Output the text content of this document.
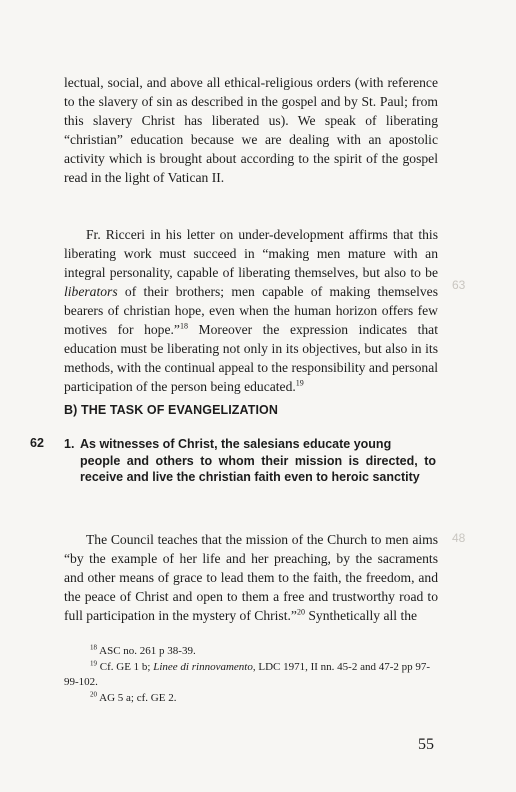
lectual, social, and above all ethical-religious orders (with reference to the slavery of sin as described in the gospel and by St. Paul; from this slavery Christ has liberated us). We speak of liberating “christian” education because we are dealing with an apostolic activity which is brought about according to the spirit of the gospel read in the light of Vatican II.

Fr. Ricceri in his letter on under-development affirms that this liberating work must succeed in “making men mature with an integral personality, capable of liberating themselves, but also to be liberators of their brothers; men capable of making themselves bearers of christian hope, even when the human horizon offers few motives for hope.”$^{18}$ Moreover the expression indicates that education must be liberating not only in its objectives, but also in its methods, with the continual appeal to the responsibility and personal participation of the person being educated.$^{19}$

B) THE TASK OF EVANGELIZATION

62 1. As witnesses of Christ, the salesians educate young
people and others to whom their mission is directed, to receive and live the christian faith even to heroic sanctity

The Council teaches that the mission of the Church to men aims “by the example of her life and her preaching, by the sacraments and other means of grace to lead them to the faith, the freedom, and the peace of Christ and open to them a free and trustworthy road to full participation in the mystery of Christ.”$^{20}$ Synthetically all the

$^{18}$ ASC no. 261 p 38-39.

$^{19}$ Cf. GE 1 b; Linee di rinnovamento, LDC 1971, II nn. 45-2 and 47-2 pp 97-99-102.

$^{20}$ AG 5 a; cf. GE 2.

55

63
48
